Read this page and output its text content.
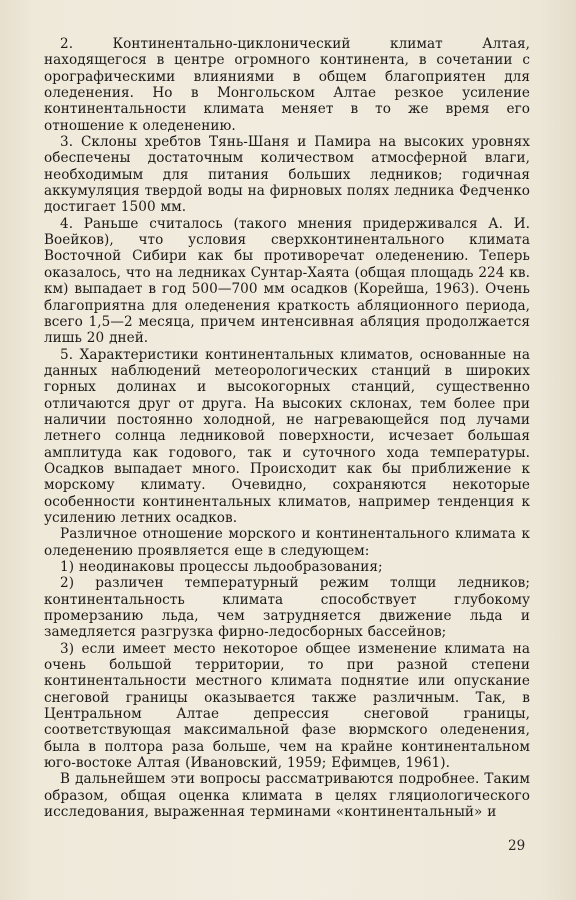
2. Континентально-циклонический климат Алтая, находящегося в центре огромного континента, в сочетании с орографическими влияниями в общем благоприятен для оледенения. Но в Монгольском Алтае резкое усиление континентальности климата меняет в то же время его отношение к оледенению.

3. Склоны хребтов Тянь-Шаня и Памира на высоких уровнях обеспечены достаточным количеством атмосферной влаги, необходимым для питания больших ледников; годичная аккумуляция твердой воды на фирновых полях ледника Федченко достигает 1500 мм.

4. Раньше считалось (такого мнения придерживался А. И. Воейков), что условия сверхконтинентального климата Восточной Сибири как бы противоречат оледенению. Теперь оказалось, что на ледниках Сунтар-Хаята (общая площадь 224 кв. км) выпадает в год 500—700 мм осадков (Корейша, 1963). Очень благоприятна для оледенения краткость абляционного периода, всего 1,5—2 месяца, причем интенсивная абляция продолжается лишь 20 дней.

5. Характеристики континентальных климатов, основанные на данных наблюдений метеорологических станций в широких горных долинах и высокогорных станций, существенно отличаются друг от друга. На высоких склонах, тем более при наличии постоянно холодной, не нагревающейся под лучами летнего солнца ледниковой поверхности, исчезает большая амплитуда как годового, так и суточного хода температуры. Осадков выпадает много. Происходит как бы приближение к морскому климату. Очевидно, сохраняются некоторые особенности континентальных климатов, например тенденция к усилению летних осадков.

Различное отношение морского и континентального климата к оледенению проявляется еще в следующем:

1) неодинаковы процессы льдообразования;

2) различен температурный режим толщи ледников; континентальность климата способствует глубокому промерзанию льда, чем затрудняется движение льда и замедляется разгрузка фирно-ледосборных бассейнов;

3) если имеет место некоторое общее изменение климата на очень большой территории, то при разной степени континентальности местного климата поднятие или опускание снеговой границы оказывается также различным. Так, в Центральном Алтае депрессия снеговой границы, соответствующая максимальной фазе вюрмского оледенения, была в полтора раза больше, чем на крайне континентальном юго-востоке Алтая (Ивановский, 1959; Ефимцев, 1961).

В дальнейшем эти вопросы рассматриваются подробнее. Таким образом, общая оценка климата в целях гляциологического исследования, выраженная терминами «континентальный» и

29
